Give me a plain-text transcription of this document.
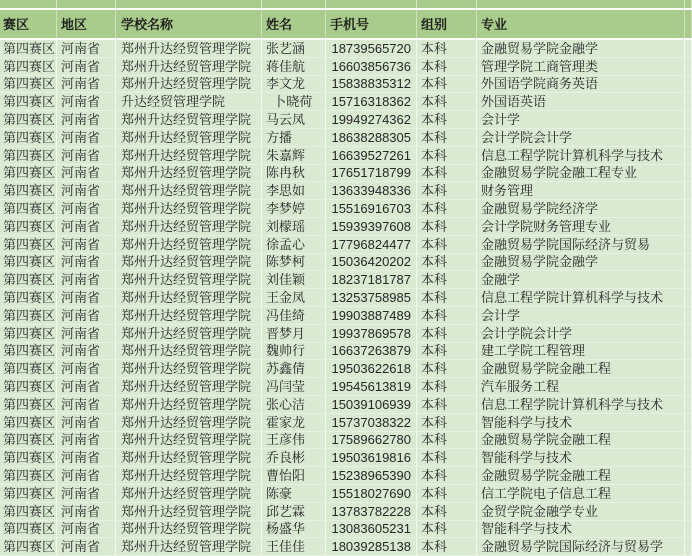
赛区	地区	学校名称	姓名	手机号	组别	专业
第四赛区 河南省	郑州升达经贸管理学院	张艺涵	18739565720 本科	金融贸易学院金融学
第四赛区 河南省	郑州升达经贸管理学院	蒋佳航	16603856736 本科	管理学院工商管理类
第四赛区 河南省	郑州升达经贸管理学院	李文龙	15838835312 本科	外国语学院商务英语
第四赛区 河南省	升达经贸管理学院	卜晓荷	15716318362 本科	外国语英语
第四赛区 河南省	郑州升达经贸管理学院	马云凤	19949274362 本科	会计学
第四赛区 河南省	郑州升达经贸管理学院	方播	18638288305 本科	会计学院会计学
第四赛区 河南省	郑州升达经贸管理学院	朱嘉辉	16639527261 本科	信息工程学院计算机科学与技术
第四赛区 河南省	郑州升达经贸管理学院	陈冉秋	17651718799 本科	金融贸易学院金融工程专业
第四赛区 河南省	郑州升达经贸管理学院	李思如	13633948336 本科	财务管理
第四赛区 河南省	郑州升达经贸管理学院	李梦婷	15516916703 本科	金融贸易学院经济学
第四赛区 河南省	郑州升达经贸管理学院	刘檬瑶	15939397608 本科	会计学院财务管理专业
第四赛区 河南省	郑州升达经贸管理学院	徐孟心	17796824477 本科	金融贸易学院国际经济与贸易
第四赛区 河南省	郑州升达经贸管理学院	陈梦柯	15036420202 本科	金融贸易学院金融学
第四赛区 河南省	郑州升达经贸管理学院	刘佳颖	18237181787 本科	金融学
第四赛区 河南省	郑州升达经贸管理学院	王金凤	13253758985 本科	信息工程学院计算机科学与技术
第四赛区 河南省	郑州升达经贸管理学院	冯佳绮	19903887489 本科	会计学
第四赛区 河南省	郑州升达经贸管理学院	晋梦月	19937869578 本科	会计学院会计学
第四赛区 河南省	郑州升达经贸管理学院	魏帅行	16637263879 本科	建工学院工程管理
第四赛区 河南省	郑州升达经贸管理学院	苏鑫倩	19503622618 本科	金融贸易学院金融工程
第四赛区 河南省	郑州升达经贸管理学院	冯闫莹	19545613819 本科	汽车服务工程
第四赛区 河南省	郑州升达经贸管理学院	张心洁	15039106939 本科	信息工程学院计算机科学与技术
第四赛区 河南省	郑州升达经贸管理学院	霍家龙	15737038322 本科	智能科学与技术
第四赛区 河南省	郑州升达经贸管理学院	王彦伟	17589662780 本科	金融贸易学院金融工程
第四赛区 河南省	郑州升达经贸管理学院	乔良彬	19503619816 本科	智能科学与技术
第四赛区 河南省	郑州升达经贸管理学院	曹怡阳	15238965390 本科	金融贸易学院金融工程
第四赛区 河南省	郑州升达经贸管理学院	陈豪	15518027690 本科	信工学院电子信息工程
第四赛区 河南省	郑州升达经贸管理学院	邱艺霖	13783782228 本科	金贸学院金融学专业
第四赛区 河南省	郑州升达经贸管理学院	杨盛华	13083605231 本科	智能科学与技术
第四赛区 河南省	郑州升达经贸管理学院	王佳佳	18039285138 本科	金融贸易学院国际经济与贸易学
